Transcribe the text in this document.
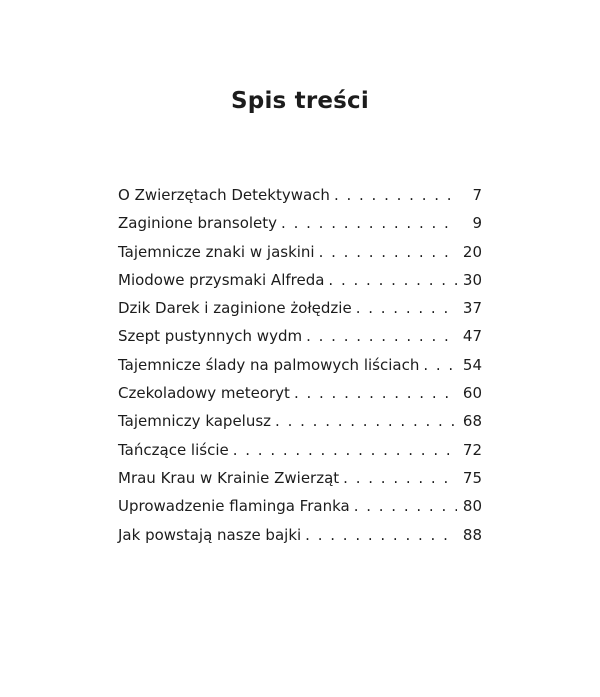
Spis treści
O Zwierzętach Detektywach . . .	7
Zaginione bransolety . . .	9
Tajemnicze znaki w jaskini . . .	20
Miodowe przysmaki Alfreda . . .	30
Dzik Darek i zaginione żołędzie . . .	37
Szept pustynnych wydm . . .	47
Tajemnicze ślady na palmowych liściach . . .	54
Czekoladowy meteoryt . . .	60
Tajemniczy kapelusz . . .	68
Tańczące liście . . .	72
Mrau Krau w Krainie Zwierząt . . .	75
Uprowadzenie flaminga Franka . . .	80
Jak powstają nasze bajki . . .	88
